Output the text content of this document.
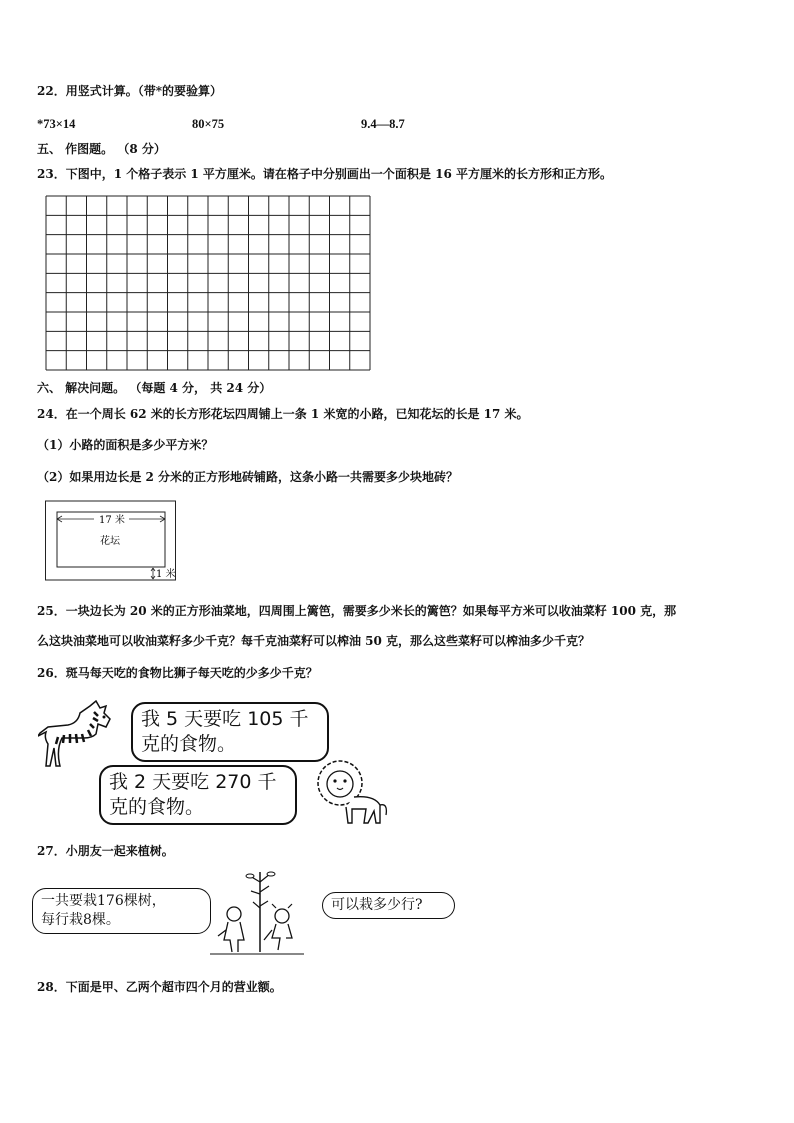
22．用竖式计算。（带*的要验算）
*73×14	80×75	9.4—8.7
五、 作图题。 （8 分）
23．下图中，1 个格子表示 1 平方厘米。请在格子中分别画出一个面积是 16 平方厘米的长方形和正方形。
六、 解决问题。 （每题 4 分， 共 24 分）
24．在一个周长 62 米的长方形花坛四周铺上一条 1 米宽的小路，已知花坛的长是 17 米。
（1）小路的面积是多少平方米？
（2）如果用边长是 2 分米的正方形地砖铺路，这条小路一共需要多少块地砖？
17 米
花坛
1 米
25．一块边长为 20 米的正方形油菜地，四周围上篱笆，需要多少米长的篱笆？如果每平方米可以收油菜籽 100 克，那
么这块油菜地可以收油菜籽多少千克？每千克油菜籽可以榨油 50 克，那么这些菜籽可以榨油多少千克？
26．斑马每天吃的食物比狮子每天吃的少多少千克？
我 5 天要吃 105 千
克的食物。
我 2 天要吃 270 千
克的食物。
27．小朋友一起来植树。
一共要栽176棵树，
每行栽8棵。
可以栽多少行?
28．下面是甲、乙两个超市四个月的营业额。
